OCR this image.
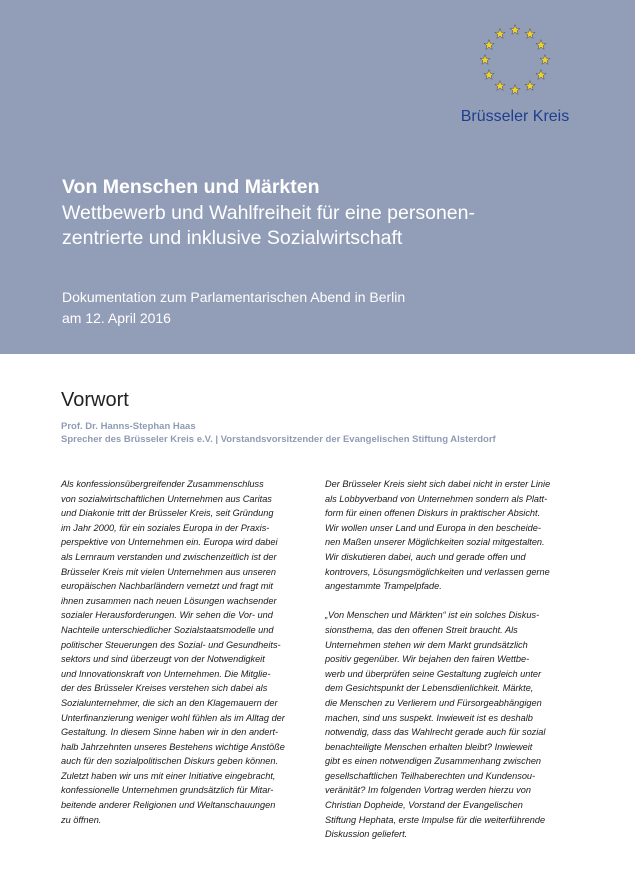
Brüsseler Kreis
Von Menschen und Märkten
Wettbewerb und Wahlfreiheit für eine personen-
zentrierte und inklusive Sozialwirtschaft
Dokumentation zum Parlamentarischen Abend in Berlin
am 12. April 2016
Vorwort
Prof. Dr. Hanns-Stephan Haas
Sprecher des Brüsseler Kreis e.V. | Vorstandsvorsitzender der Evangelischen Stiftung Alsterdorf
Als konfessionsübergreifender Zusammenschluss
von sozialwirtschaftlichen Unternehmen aus Caritas
und Diakonie tritt der Brüsseler Kreis, seit Gründung
im Jahr 2000, für ein soziales Europa in der Praxis-
perspektive von Unternehmen ein. Europa wird dabei
als Lernraum verstanden und zwischenzeitlich ist der
Brüsseler Kreis mit vielen Unternehmen aus unseren
europäischen Nachbarländern vernetzt und fragt mit
ihnen zusammen nach neuen Lösungen wachsender
sozialer Herausforderungen. Wir sehen die Vor- und
Nachteile unterschiedlicher Sozialstaatsmodelle und
politischer Steuerungen des Sozial- und Gesundheits-
sektors und sind überzeugt von der Notwendigkeit
und Innovationskraft von Unternehmen. Die Mitglie-
der des Brüsseler Kreises verstehen sich dabei als
Sozialunternehmer, die sich an den Klagemauern der
Unterfinanzierung weniger wohl fühlen als im Alltag der
Gestaltung. In diesem Sinne haben wir in den andert-
halb Jahrzehnten unseres Bestehens wichtige Anstöße
auch für den sozialpolitischen Diskurs geben können.
Zuletzt haben wir uns mit einer Initiative eingebracht,
konfessionelle Unternehmen grundsätzlich für Mitar-
beitende anderer Religionen und Weltanschauungen
zu öffnen.
Der Brüsseler Kreis sieht sich dabei nicht in erster Linie
als Lobbyverband von Unternehmen sondern als Platt-
form für einen offenen Diskurs in praktischer Absicht.
Wir wollen unser Land und Europa in den bescheide-
nen Maßen unserer Möglichkeiten sozial mitgestalten.
Wir diskutieren dabei, auch und gerade offen und
kontrovers, Lösungsmöglichkeiten und verlassen gerne
angestammte Trampelpfade.
„Von Menschen und Märkten“ ist ein solches Diskus-
sionsthema, das den offenen Streit braucht. Als
Unternehmen stehen wir dem Markt grundsätzlich
positiv gegenüber. Wir bejahen den fairen Wettbe-
werb und überprüfen seine Gestaltung zugleich unter
dem Gesichtspunkt der Lebensdienlichkeit. Märkte,
die Menschen zu Verlierern und Fürsorgeabhängigen
machen, sind uns suspekt. Inwieweit ist es deshalb
notwendig, dass das Wahlrecht gerade auch für sozial
benachteiligte Menschen erhalten bleibt? Inwieweit
gibt es einen notwendigen Zusammenhang zwischen
gesellschaftlichen Teilhaberechten und Kundensou-
veränität? Im folgenden Vortrag werden hierzu von
Christian Dopheide, Vorstand der Evangelischen
Stiftung Hephata, erste Impulse für die weiterführende
Diskussion geliefert.
